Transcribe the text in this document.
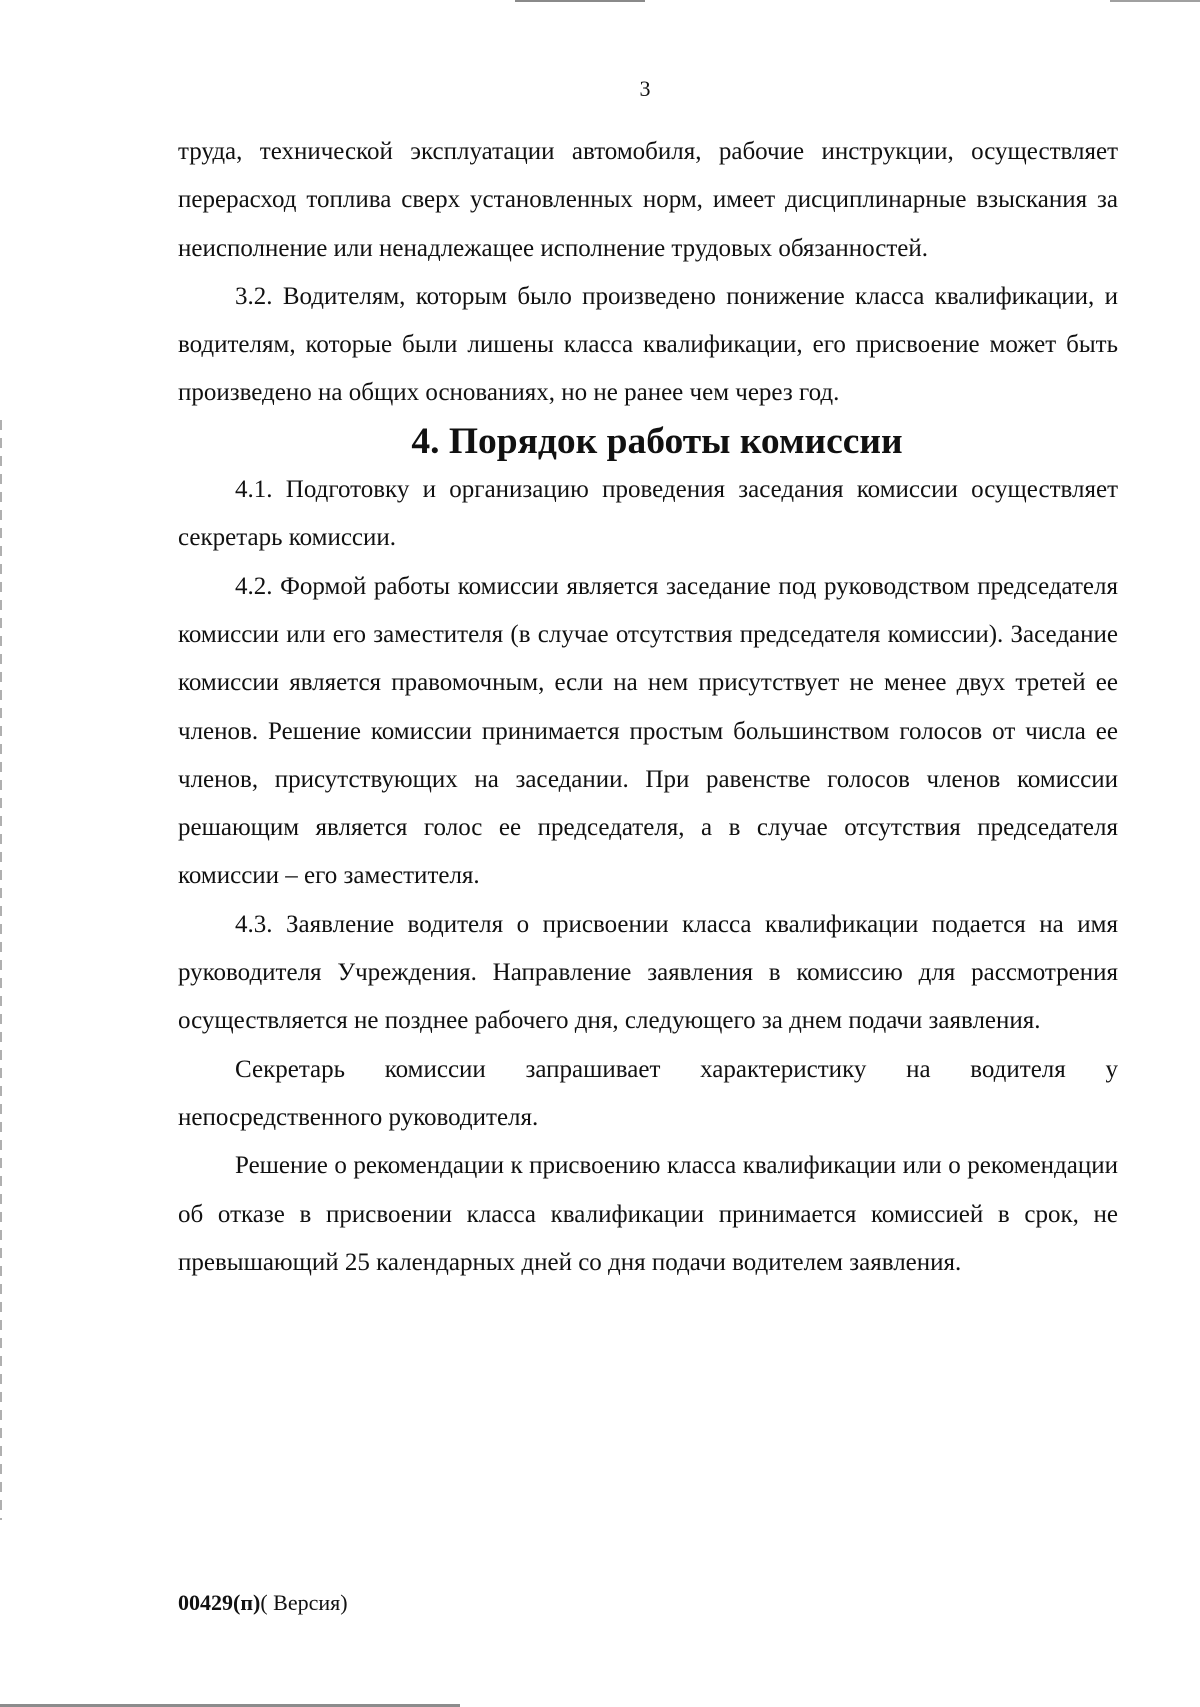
3

труда, технической эксплуатации автомобиля, рабочие инструкции, осуществляет перерасход топлива сверх установленных норм, имеет дисциплинарные взыскания за неисполнение или ненадлежащее исполнение трудовых обязанностей.

3.2. Водителям, которым было произведено понижение класса квалификации, и водителям, которые были лишены класса квалификации, его присвоение может быть произведено на общих основаниях, но не ранее чем через год.

4. Порядок работы комиссии

4.1. Подготовку и организацию проведения заседания комиссии осуществляет секретарь комиссии.

4.2. Формой работы комиссии является заседание под руководством председателя комиссии или его заместителя (в случае отсутствия председателя комиссии). Заседание комиссии является правомочным, если на нем присутствует не менее двух третей ее членов. Решение комиссии принимается простым большинством голосов от числа ее членов, присутствующих на заседании. При равенстве голосов членов комиссии решающим является голос ее председателя, а в случае отсутствия председателя комиссии – его заместителя.

4.3. Заявление водителя о присвоении класса квалификации подается на имя руководителя Учреждения. Направление заявления в комиссию для рассмотрения осуществляется не позднее рабочего дня, следующего за днем подачи заявления.

Секретарь комиссии запрашивает характеристику на водителя у непосредственного руководителя.

Решение о рекомендации к присвоению класса квалификации или о рекомендации об отказе в присвоении класса квалификации принимается комиссией в срок, не превышающий 25 календарных дней со дня подачи водителем заявления.

00429(п)( Версия)
